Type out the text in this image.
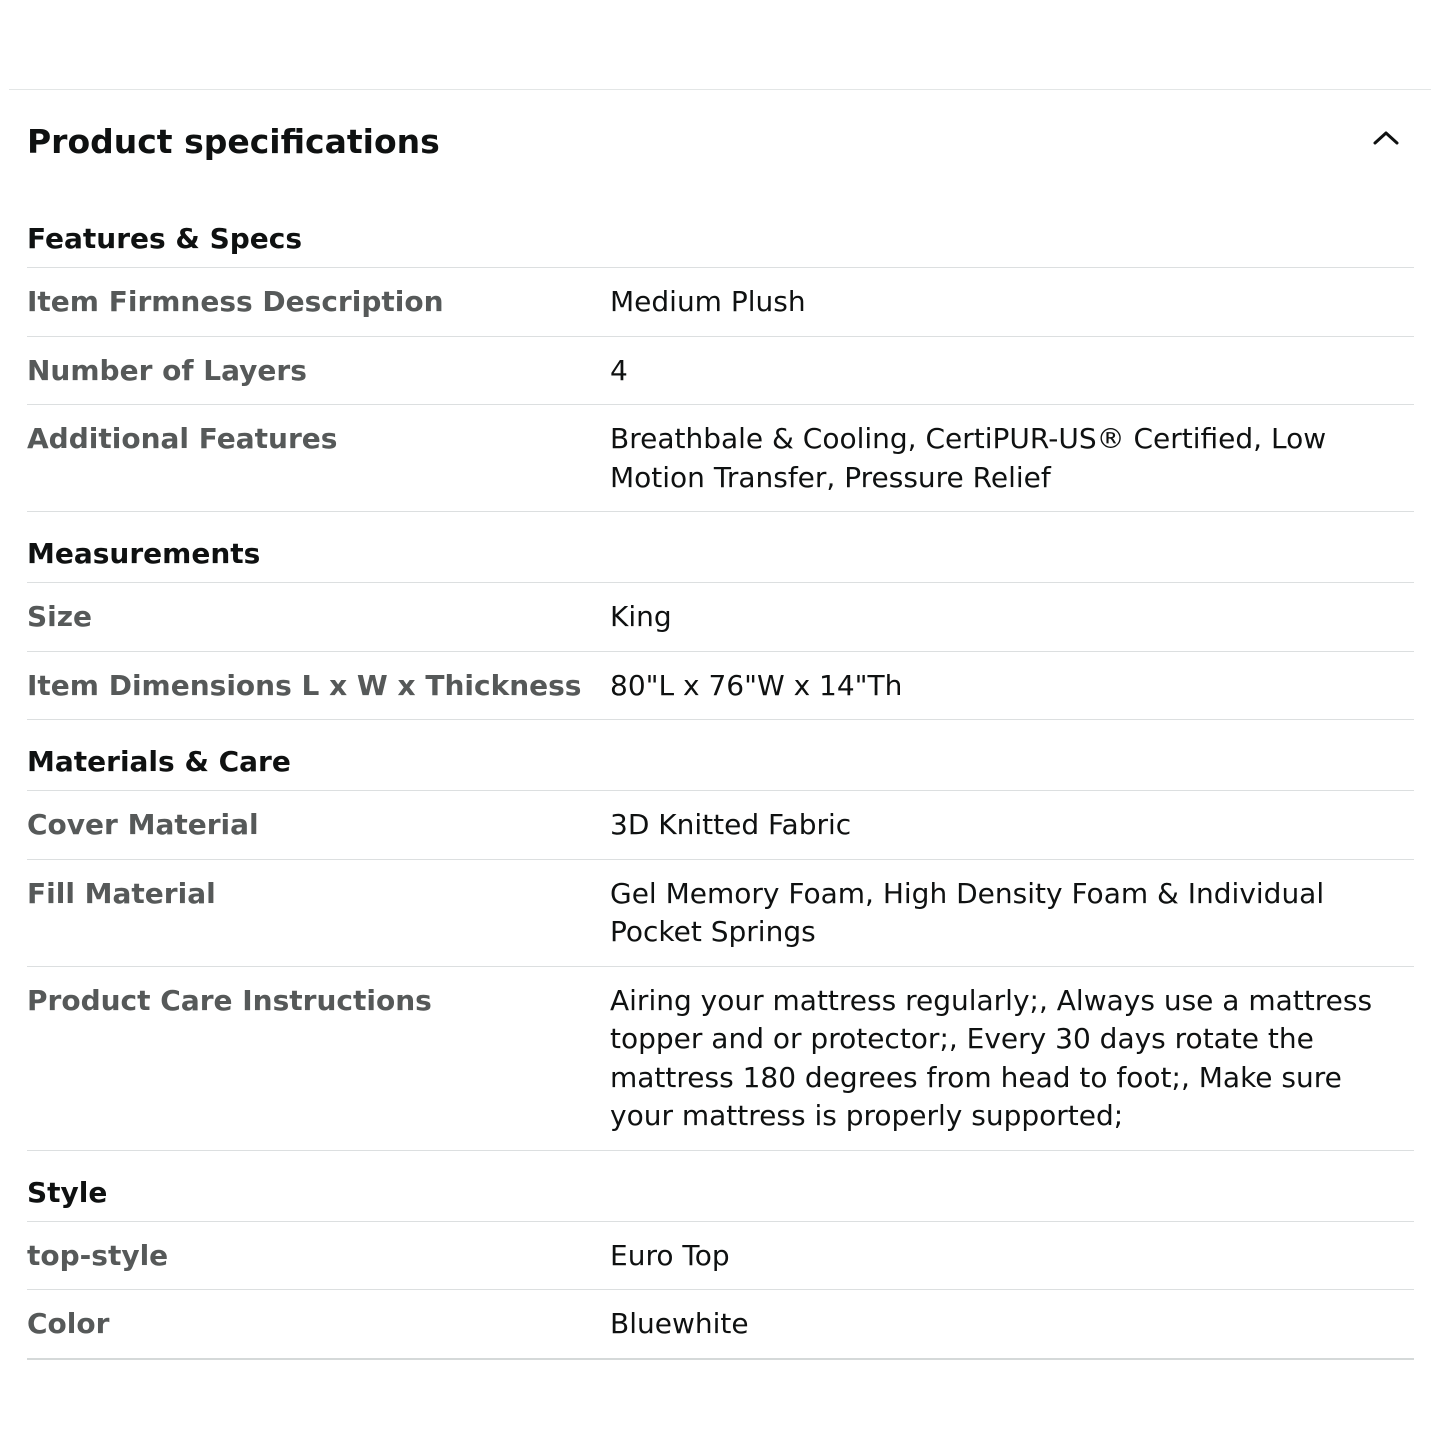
Product specifications
Features & Specs
Item Firmness Description	Medium Plush
Number of Layers	4
Additional Features	Breathbale & Cooling, CertiPUR-US® Certified, Low Motion Transfer, Pressure Relief
Measurements
Size	King
Item Dimensions L x W x Thickness	80"L x 76"W x 14"Th
Materials & Care
Cover Material	3D Knitted Fabric
Fill Material	Gel Memory Foam, High Density Foam & Individual Pocket Springs
Product Care Instructions	Airing your mattress regularly;, Always use a mattress topper and or protector;, Every 30 days rotate the mattress 180 degrees from head to foot;, Make sure your mattress is properly supported;
Style
top-style	Euro Top
Color	Bluewhite
